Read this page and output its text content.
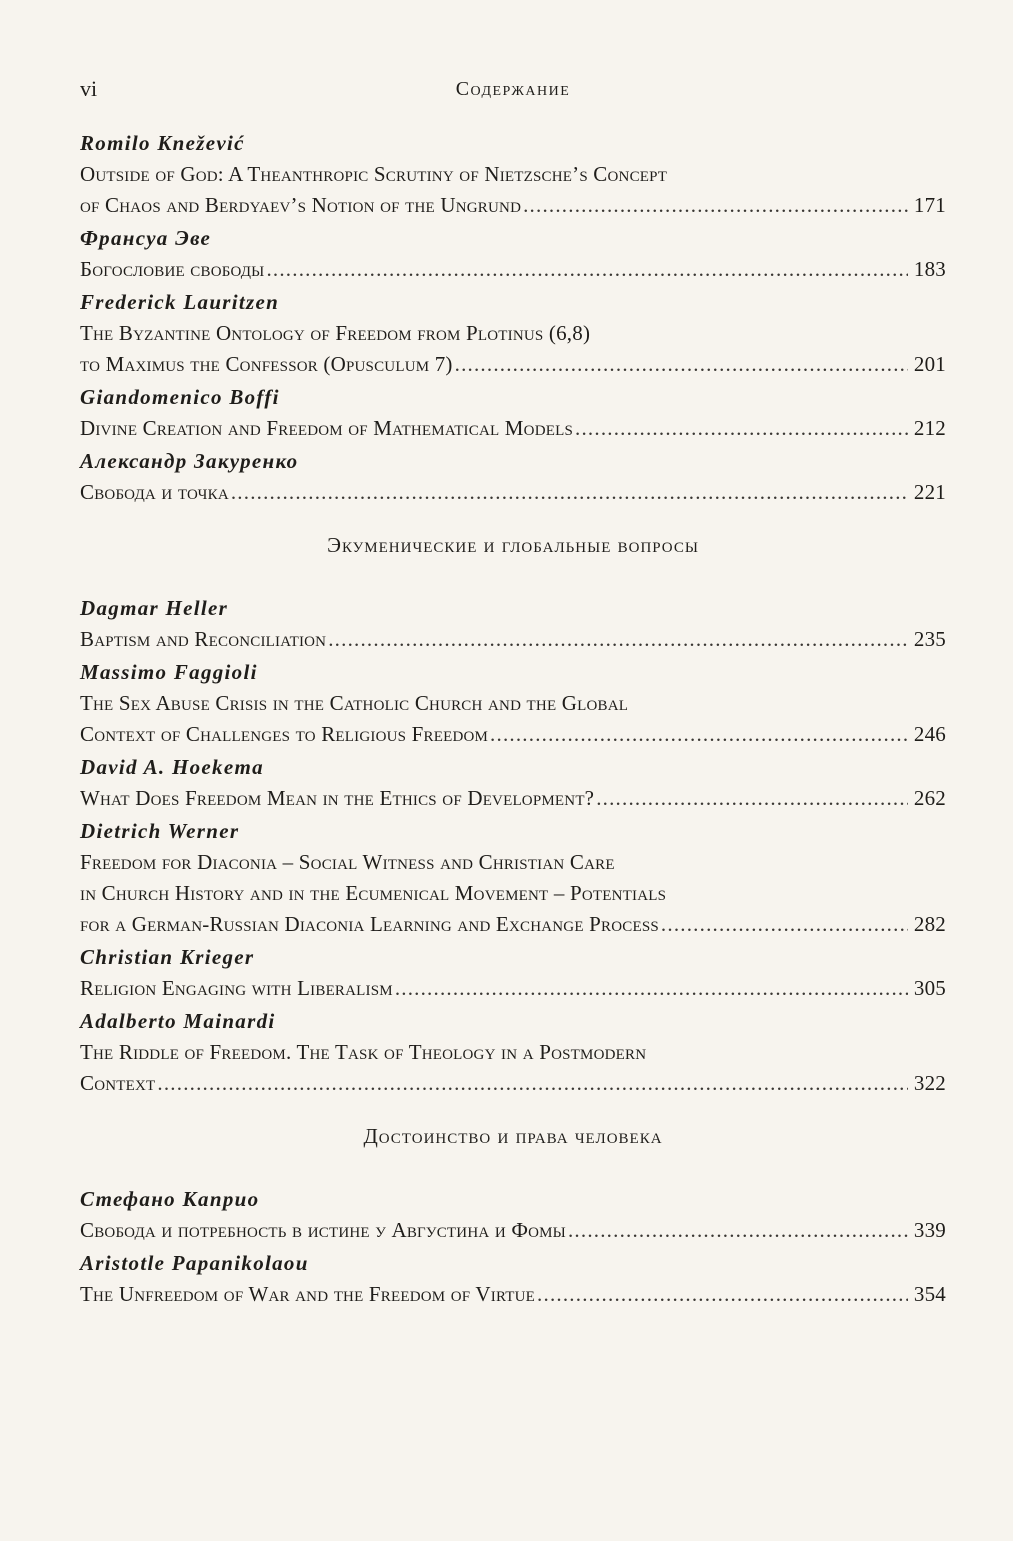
vi	Содержание
Romilo Knežević
Outside of God: A Theanthropic Scrutiny of Nietzsche’s Concept
of Chaos and Berdyaev’s Notion of the Ungrund .....	171
Франсуа Эве
Богословие свободы .....	183
Frederick Lauritzen
The Byzantine Ontology of Freedom from Plotinus (6,8)
to Maximus the Confessor (Opusculum 7) .....	201
Giandomenico Boffi
Divine Creation and Freedom of Mathematical Models .....	212
Александр Закуренко
Свобода и точка .....	221
Экуменические и глобальные вопросы
Dagmar Heller
Baptism and Reconciliation .....	235
Massimo Faggioli
The Sex Abuse Crisis in the Catholic Church and the Global
Context of Challenges to Religious Freedom .....	246
David A. Hoekema
What Does Freedom Mean in the Ethics of Development? .....	262
Dietrich Werner
Freedom for Diaconia – Social Witness and Christian Care
in Church History and in the Ecumenical Movement – Potentials
for a German-Russian Diaconia Learning and Exchange Process .....	282
Christian Krieger
Religion Engaging with Liberalism .....	305
Adalberto Mainardi
The Riddle of Freedom. The Task of Theology in a Postmodern
Context .....	322
Достоинство и права человека
Стефано Каприо
Свобода и потребность в истине у Августина и Фомы .....	339
Aristotle Papanikolaou
The Unfreedom of War and the Freedom of Virtue .....	354
